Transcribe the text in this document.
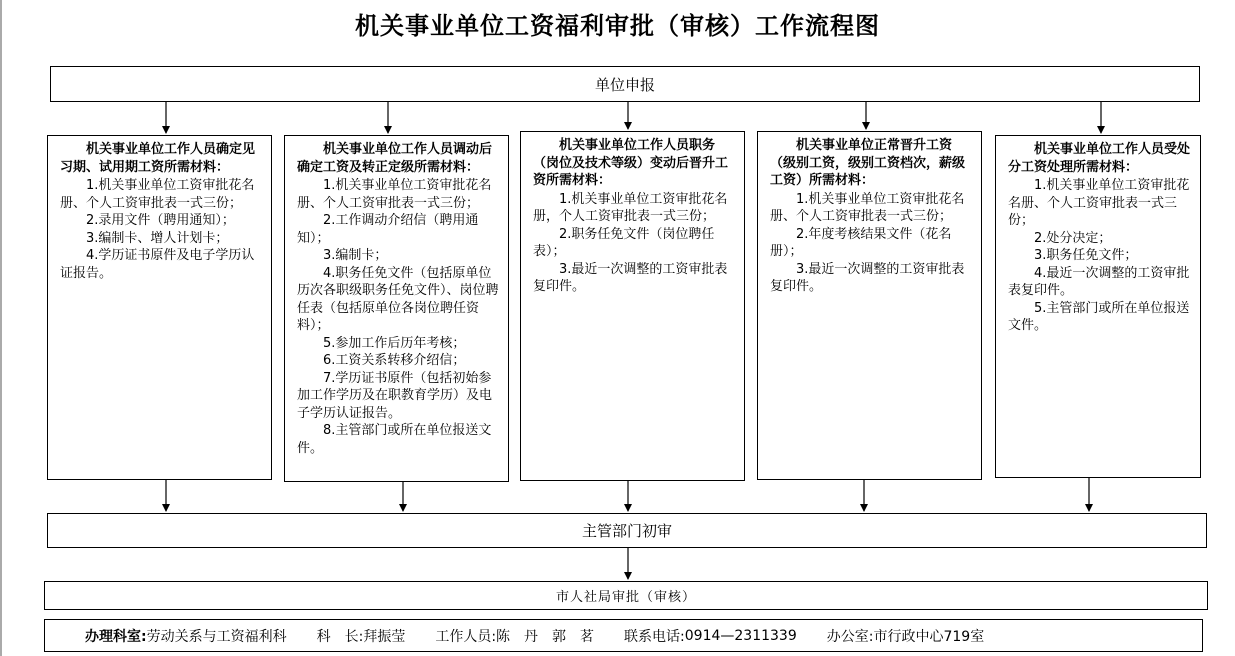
机关事业单位工资福利审批（审核）工作流程图
单位申报
机关事业单位工作人员确定见习期、试用期工资所需材料：
1.机关事业单位工资审批花名册、个人工资审批表一式三份；
2.录用文件（聘用通知）；
3.编制卡、增人计划卡；
4.学历证书原件及电子学历认证报告。
机关事业单位工作人员调动后确定工资及转正定级所需材料：
1.机关事业单位工资审批花名册、个人工资审批表一式三份；
2.工作调动介绍信（聘用通知）；
3.编制卡；
4.职务任免文件（包括原单位历次各职级职务任免文件）、岗位聘任表（包括原单位各岗位聘任资料）；
5.参加工作后历年考核；
6.工资关系转移介绍信；
7.学历证书原件（包括初始参加工作学历及在职教育学历）及电子学历认证报告。
8.主管部门或所在单位报送文件。
机关事业单位工作人员职务（岗位及技术等级）变动后晋升工资所需材料：
1.机关事业单位工资审批花名册，个人工资审批表一式三份；
2.职务任免文件（岗位聘任表）；
3.最近一次调整的工资审批表复印件。
机关事业单位正常晋升工资（级别工资，级别工资档次，薪级工资）所需材料：
1.机关事业单位工资审批花名册、个人工资审批表一式三份；
2.年度考核结果文件（花名册）；
3.最近一次调整的工资审批表复印件。
机关事业单位工作人员受处分工资处理所需材料：
1.机关事业单位工资审批花名册、个人工资审批表一式三份；
2.处分决定；
3.职务任免文件；
4.最近一次调整的工资审批表复印件。
5.主管部门或所在单位报送文件。
主管部门初审
市人社局审批（审核）
办理科室: 劳动关系与工资福利科 科　长: 拜振莹 工作人员: 陈　丹　郭　茗 联系电话: 0914—2311339 办公室: 市行政中心719室
